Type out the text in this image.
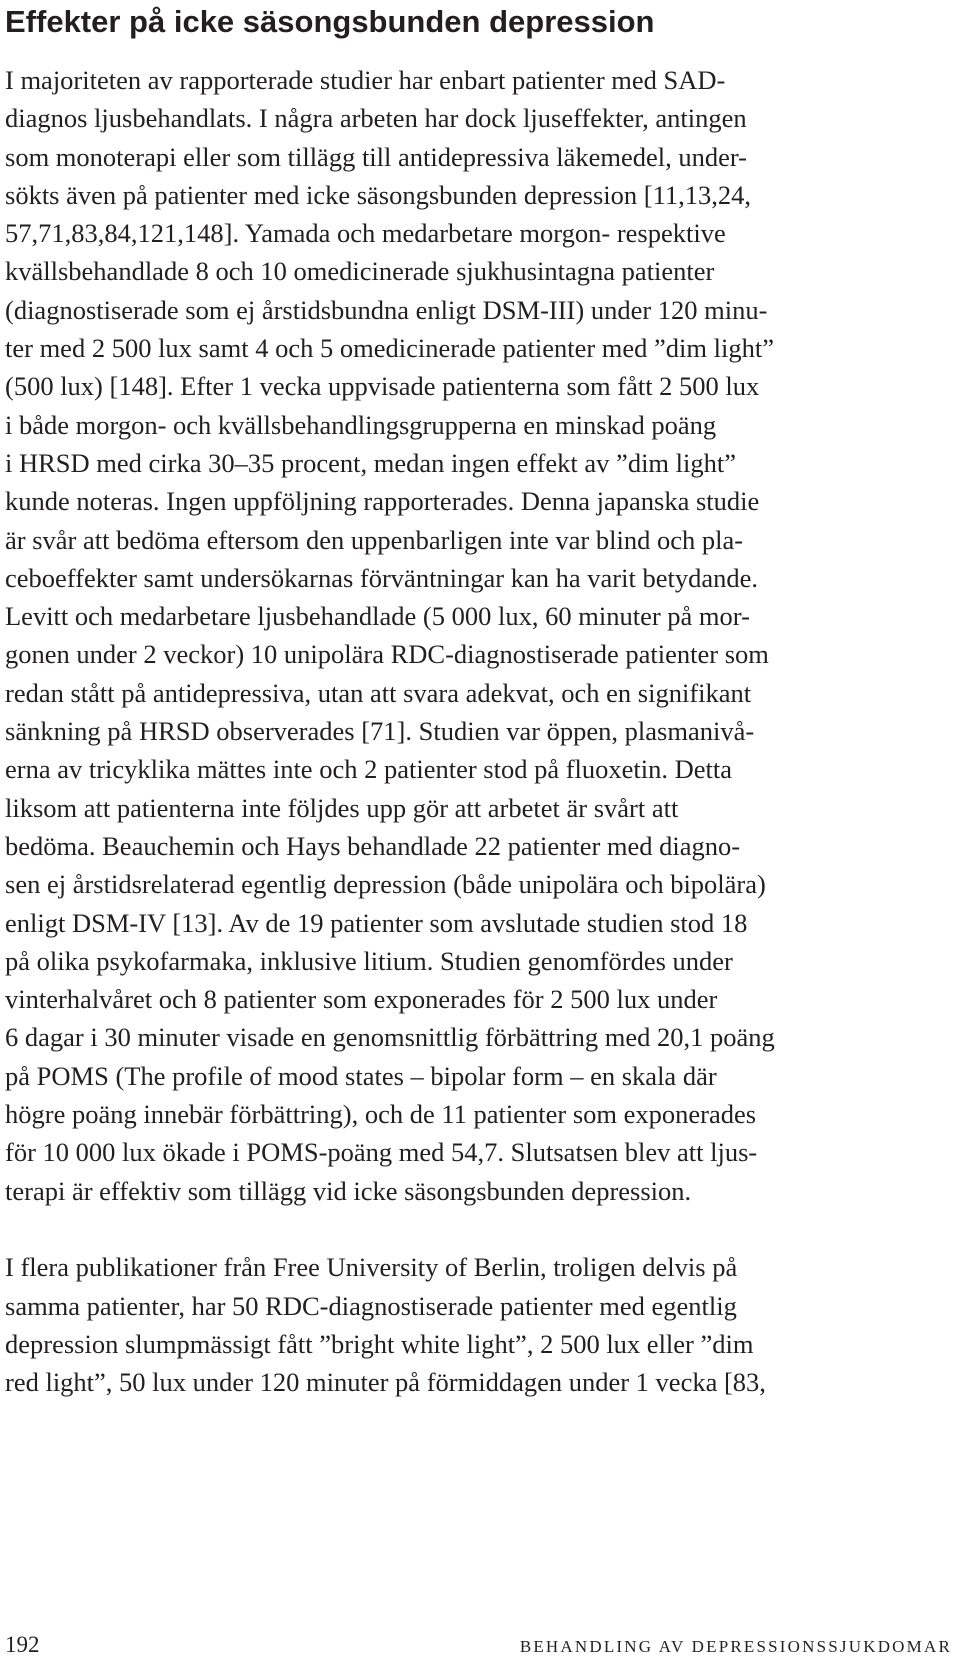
Effekter på icke säsongsbunden depression
I majoriteten av rapporterade studier har enbart patienter med SAD-
diagnos ljusbehandlats. I några arbeten har dock ljuseffekter, antingen
som monoterapi eller som tillägg till antidepressiva läkemedel, under-
sökts även på patienter med icke säsongsbunden depression [11,13,24,
57,71,83,84,121,148]. Yamada och medarbetare morgon- respektive
kvällsbehandlade 8 och 10 omedicinerade sjukhusintagna patienter
(diagnostiserade som ej årstidsbundna enligt DSM-III) under 120 minu-
ter med 2 500 lux samt 4 och 5 omedicinerade patienter med ”dim light”
(500 lux) [148]. Efter 1 vecka uppvisade patienterna som fått 2 500 lux
i både morgon- och kvällsbehandlingsgrupperna en minskad poäng
i HRSD med cirka 30–35 procent, medan ingen effekt av ”dim light”
kunde noteras. Ingen uppföljning rapporterades. Denna japanska studie
är svår att bedöma eftersom den uppenbarligen inte var blind och pla-
ceboeffekter samt undersökarnas förväntningar kan ha varit betydande.
Levitt och medarbetare ljusbehandlade (5 000 lux, 60 minuter på mor-
gonen under 2 veckor) 10 unipolära RDC-diagnostiserade patienter som
redan stått på antidepressiva, utan att svara adekvat, och en signifikant
sänkning på HRSD observerades [71]. Studien var öppen, plasmanivå-
erna av tricyklika mättes inte och 2 patienter stod på fluoxetin. Detta
liksom att patienterna inte följdes upp gör att arbetet är svårt att
bedöma. Beauchemin och Hays behandlade 22 patienter med diagno-
sen ej årstidsrelaterad egentlig depression (både unipolära och bipolära)
enligt DSM-IV [13]. Av de 19 patienter som avslutade studien stod 18
på olika psykofarmaka, inklusive litium. Studien genomfördes under
vinterhalvåret och 8 patienter som exponerades för 2 500 lux under
6 dagar i 30 minuter visade en genomsnittlig förbättring med 20,1 poäng
på POMS (The profile of mood states – bipolar form – en skala där
högre poäng innebär förbättring), och de 11 patienter som exponerades
för 10 000 lux ökade i POMS-poäng med 54,7. Slutsatsen blev att ljus-
terapi är effektiv som tillägg vid icke säsongsbunden depression.
I flera publikationer från Free University of Berlin, troligen delvis på
samma patienter, har 50 RDC-diagnostiserade patienter med egentlig
depression slumpmässigt fått ”bright white light”, 2 500 lux eller ”dim
red light”, 50 lux under 120 minuter på förmiddagen under 1 vecka [83,
192	BEHANDLING AV DEPRESSIONSSJUKDOMAR
